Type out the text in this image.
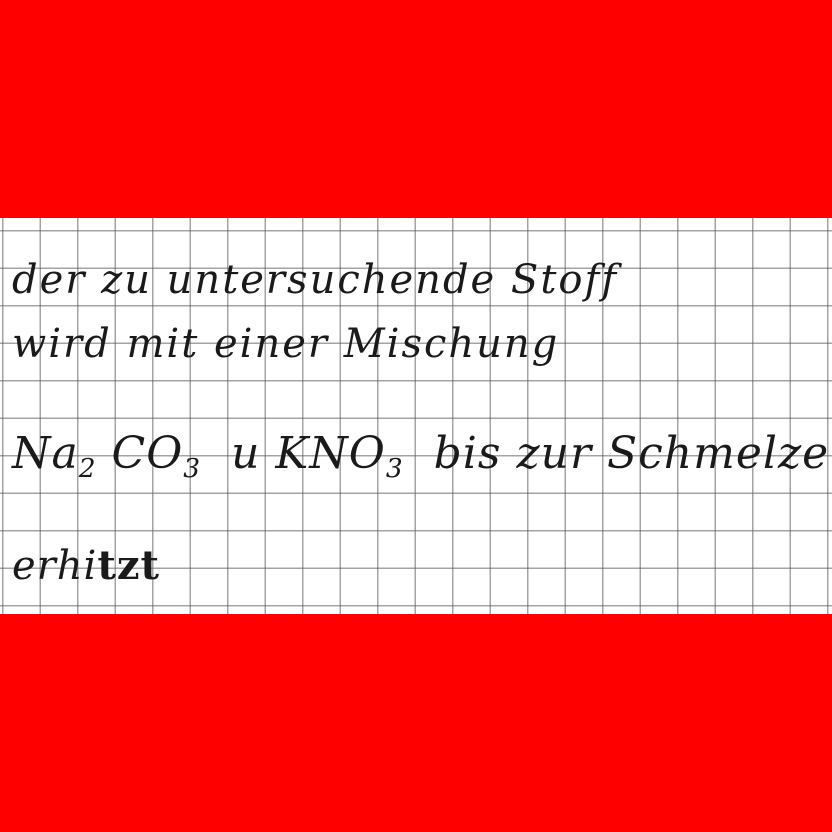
der zu untersuchende Stoff

wird mit einer Mischung

$Na_2$ $CO_3$ u $KNO_3$ bis zur Schmelze

erhitzt
